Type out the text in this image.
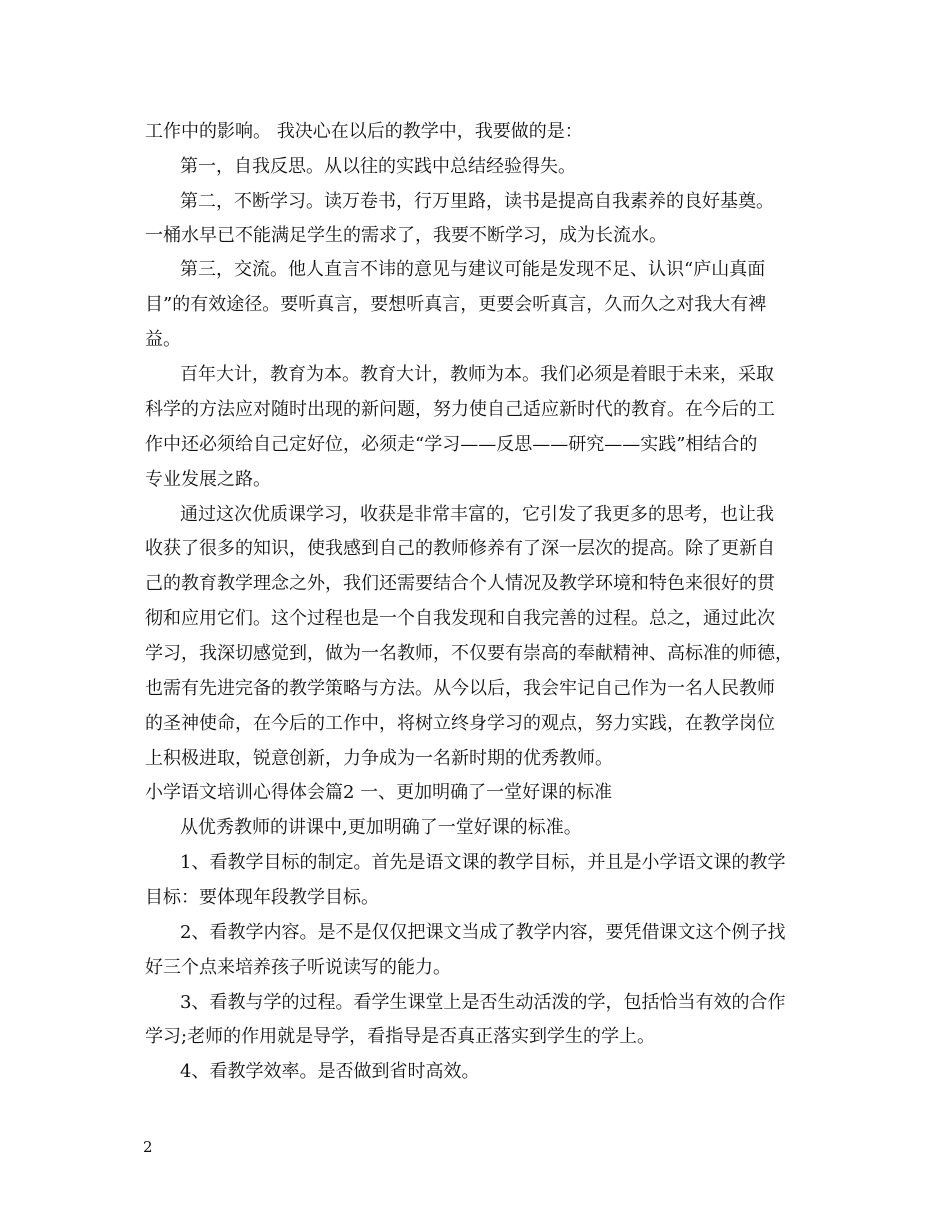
工作中的影响。 我决心在以后的教学中，我要做的是：
第一，自我反思。从以往的实践中总结经验得失。
第二，不断学习。读万卷书，行万里路，读书是提高自我素养的良好基奠。
一桶水早已不能满足学生的需求了，我要不断学习，成为长流水。
第三，交流。他人直言不讳的意见与建议可能是发现不足、认识“庐山真面
目”的有效途径。要听真言，要想听真言，更要会听真言，久而久之对我大有裨
益。
百年大计，教育为本。教育大计，教师为本。我们必须是着眼于未来，采取
科学的方法应对随时出现的新问题，努力使自己适应新时代的教育。在今后的工
作中还必须给自己定好位，必须走“学习——反思——研究——实践”相结合的
专业发展之路。
通过这次优质课学习，收获是非常丰富的，它引发了我更多的思考，也让我
收获了很多的知识，使我感到自己的教师修养有了深一层次的提高。除了更新自
己的教育教学理念之外，我们还需要结合个人情况及教学环境和特色来很好的贯
彻和应用它们。这个过程也是一个自我发现和自我完善的过程。总之，通过此次
学习，我深切感觉到，做为一名教师，不仅要有崇高的奉献精神、高标准的师德，
也需有先进完备的教学策略与方法。从今以后，我会牢记自己作为一名人民教师
的圣神使命，在今后的工作中，将树立终身学习的观点，努力实践，在教学岗位
上积极进取，锐意创新，力争成为一名新时期的优秀教师。
小学语文培训心得体会篇2 一、更加明确了一堂好课的标准
从优秀教师的讲课中,更加明确了一堂好课的标准。
1、看教学目标的制定。首先是语文课的教学目标，并且是小学语文课的教学
目标：要体现年段教学目标。
2、看教学内容。是不是仅仅把课文当成了教学内容，要凭借课文这个例子找
好三个点来培养孩子听说读写的能力。
3、看教与学的过程。看学生课堂上是否生动活泼的学，包括恰当有效的合作
学习;老师的作用就是导学，看指导是否真正落实到学生的学上。
4、看教学效率。是否做到省时高效。
2
